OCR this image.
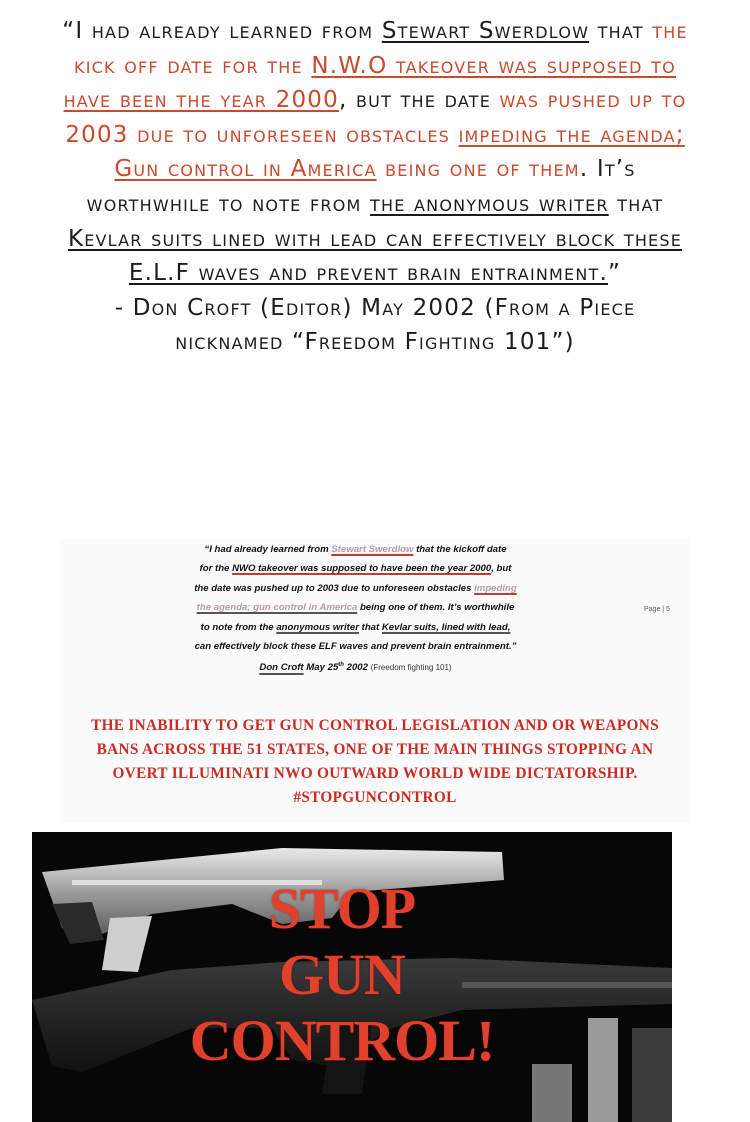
“I had already learned from Stewart Swerdlow that the kick off date for the N.W.O takeover was supposed to have been the year 2000, but the date was pushed up to 2003 due to unforeseen obstacles impeding the agenda; Gun control in America being one of them. It’s worthwhile to note from the anonymous writer that Kevlar suits lined with lead can effectively block these E.L.F waves and prevent brain entrainment.”
- Don Croft (Editor) May 2002 (From a Piece nicknamed “Freedom Fighting 101”)
“I had already learned from Stewart Swerdlow that the kickoff date
for the NWO takeover was supposed to have been the year 2000, but
the date was pushed up to 2003 due to unforeseen obstacles impeding
the agenda; gun control in America being one of them. It’s worthwhile
to note from the anonymous writer that Kevlar suits, lined with lead,
can effectively block these ELF waves and prevent brain entrainment.”
Don Croft May 25th 2002 (Freedom fighting 101)
Page | 5
THE INABILITY TO GET GUN CONTROL LEGISLATION AND OR WEAPONS BANS ACROSS THE 51 STATES, ONE OF THE MAIN THINGS STOPPING AN OVERT ILLUMINATI NWO OUTWARD WORLD WIDE DICTATORSHIP. #STOPGUNCONTROL
STOP
GUN
CONTROL!
